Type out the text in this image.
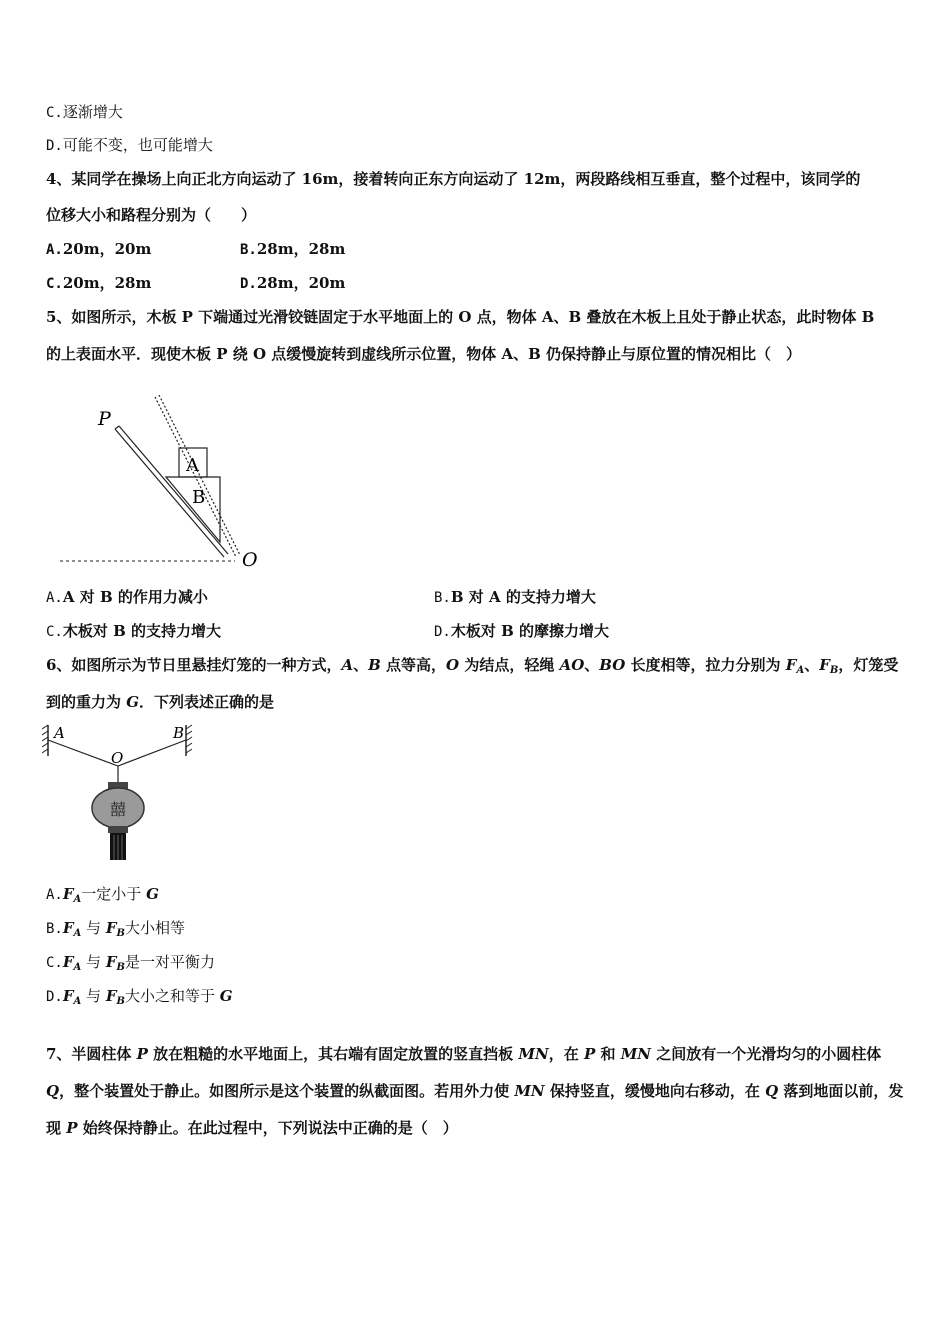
C.逐渐增大
D.可能不变，也可能增大
4、某同学在操场上向正北方向运动了 16m，接着转向正东方向运动了 12m，两段路线相互垂直，整个过程中，该同学的
位移大小和路程分别为（　　）
A.20m，20m	B.28m，28m
C.20m，28m	D.28m，20m
5、如图所示，木板 P 下端通过光滑铰链固定于水平地面上的 O 点，物体 A、B 叠放在木板上且处于静止状态，此时物体 B
的上表面水平．现使木板 P 绕 O 点缓慢旋转到虚线所示位置，物体 A、B 仍保持静止与原位置的情况相比（　）
P
A
B
O
A.A 对 B 的作用力减小	B.B 对 A 的支持力增大
C.木板对 B 的支持力增大	D.木板对 B 的摩擦力增大
6、如图所示为节日里悬挂灯笼的一种方式，A、B 点等高，O 为结点，轻绳 AO、BO 长度相等，拉力分别为 $F_A$、$F_B$，灯笼受
到的重力为 G．下列表述正确的是
囍
A	B
O
$A.F_A$一定小于 G
$B.F_A$ 与 $F_B$大小相等
$C.F_A$ 与 $F_B$是一对平衡力
$D.F_A$ 与 $F_B$大小之和等于 G
7、半圆柱体 P 放在粗糙的水平地面上，其右端有固定放置的竖直挡板 MN，在 P 和 MN 之间放有一个光滑均匀的小圆柱体 Q，整个装置处于静止。如图所示是这个装置的纵截面图。若用外力使 MN 保持竖直，缓慢地向右移动，在 Q 落到地面以前，发现 P 始终保持静止。在此过程中，下列说法中正确的是（　）
